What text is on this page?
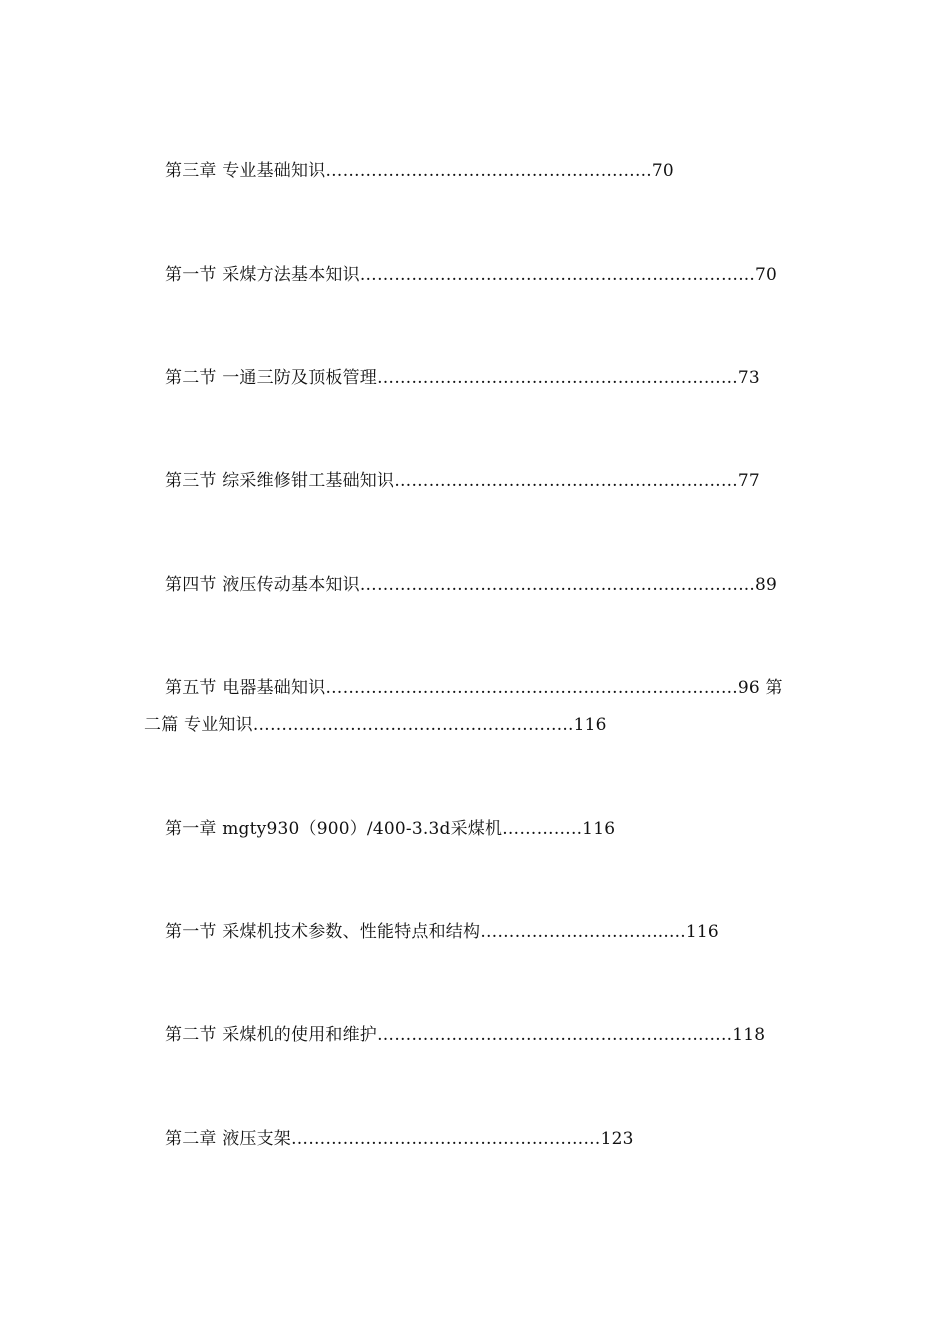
第三章 专业基础知识………………………………………………...70
第一节 采煤方法基本知识…………………………………………………………...70
第二节 一通三防及顶板管理……………………………………………………...73
第三节 综采维修钳工基础知识…………………………………………………...77
第四节 液压传动基本知识…………………………………………………………...89
第五节 电器基础知识……………………………………………………………...96 第
二篇 专业知识………………………………………………..116
第一章 mgty930（900）/400-3.3d采煤机…………..116
第一节 采煤机技术参数、性能特点和结构…………………………......116
第二节 采煤机的使用和维护……………………………………………………..118
第二章 液压支架………………………………………………123
